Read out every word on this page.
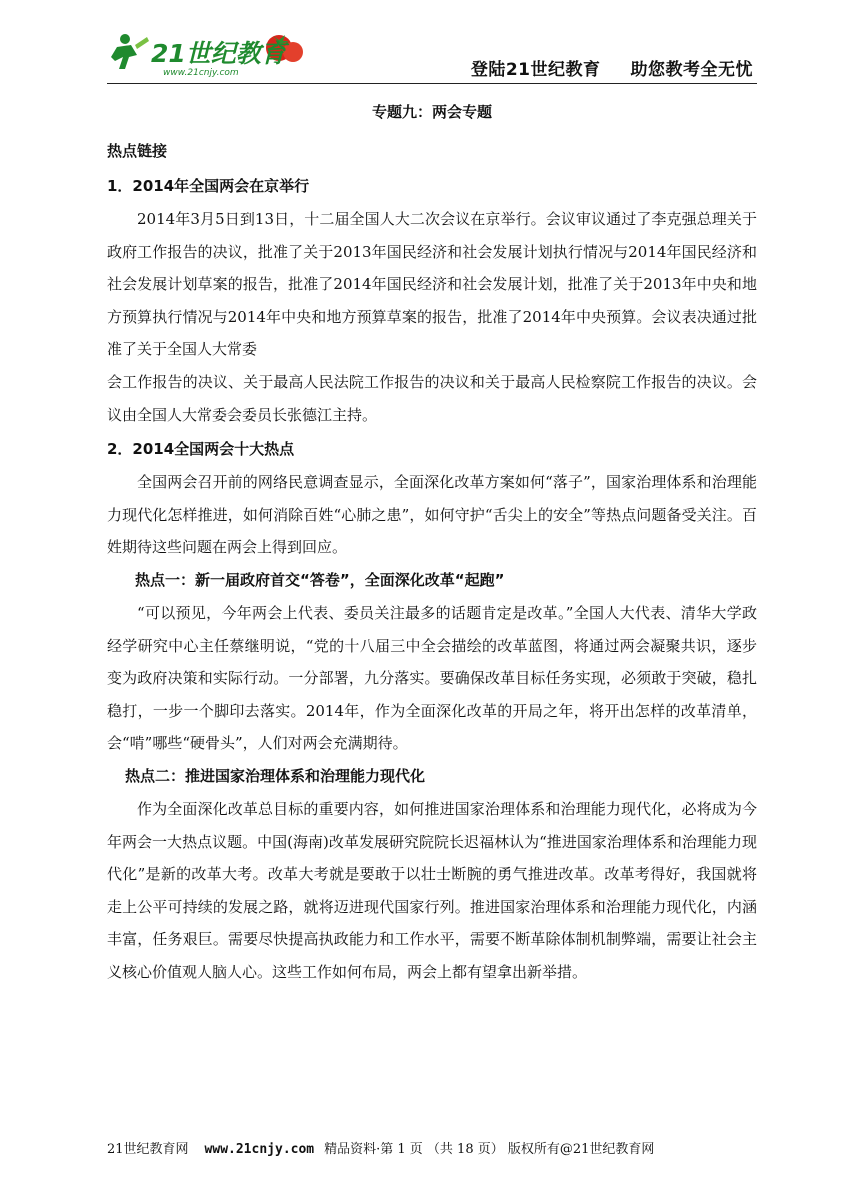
21世纪教育
www.21cnjy.com	登陆21世纪教育 助您教考全无忧
专题九：两会专题
热点链接
1．2014年全国两会在京举行

2014年3月5日到13日，十二届全国人大二次会议在京举行。会议审议通过了李克强总理关于政府工作报告的决议，批准了关于2013年国民经济和社会发展计划执行情况与2014年国民经济和社会发展计划草案的报告，批准了2014年国民经济和社会发展计划，批准了关于2013年中央和地方预算执行情况与2014年中央和地方预算草案的报告，批准了2014年中央预算。会议表决通过批准了关于全国人大常委

会工作报告的决议、关于最高人民法院工作报告的决议和关于最高人民检察院工作报告的决议。会议由全国人大常委会委员长张德江主持。

2．2014全国两会十大热点

全国两会召开前的网络民意调查显示，全面深化改革方案如何“落子”，国家治理体系和治理能力现代化怎样推进，如何消除百姓“心肺之患”，如何守护“舌尖上的安全”等热点问题备受关注。百姓期待这些问题在两会上得到回应。

热点一：新一届政府首交“答卷”，全面深化改革“起跑”

“可以预见，今年两会上代表、委员关注最多的话题肯定是改革。”全国人大代表、清华大学政经学研究中心主任蔡继明说，“党的十八届三中全会描绘的改革蓝图，将通过两会凝聚共识，逐步变为政府决策和实际行动。一分部署，九分落实。要确保改革目标任务实现，必须敢于突破，稳扎稳打，一步一个脚印去落实。2014年，作为全面深化改革的开局之年，将开出怎样的改革清单，会“啃”哪些“硬骨头”，人们对两会充满期待。

热点二：推进国家治理体系和治理能力现代化

作为全面深化改革总目标的重要内容，如何推进国家治理体系和治理能力现代化，必将成为今年两会一大热点议题。中国(海南)改革发展研究院院长迟福林认为“推进国家治理体系和治理能力现代化”是新的改革大考。改革大考就是要敢于以壮士断腕的勇气推进改革。改革考得好，我国就将走上公平可持续的发展之路，就将迈进现代国家行列。推进国家治理体系和治理能力现代化，内涵丰富，任务艰巨。需要尽快提高执政能力和工作水平，需要不断革除体制机制弊端，需要让社会主义核心价值观人脑人心。这些工作如何布局，两会上都有望拿出新举措。

21世纪教育网 www.21cnjy.com 精品资料·第 1 页 （共 18 页） 版权所有@21世纪教育网
